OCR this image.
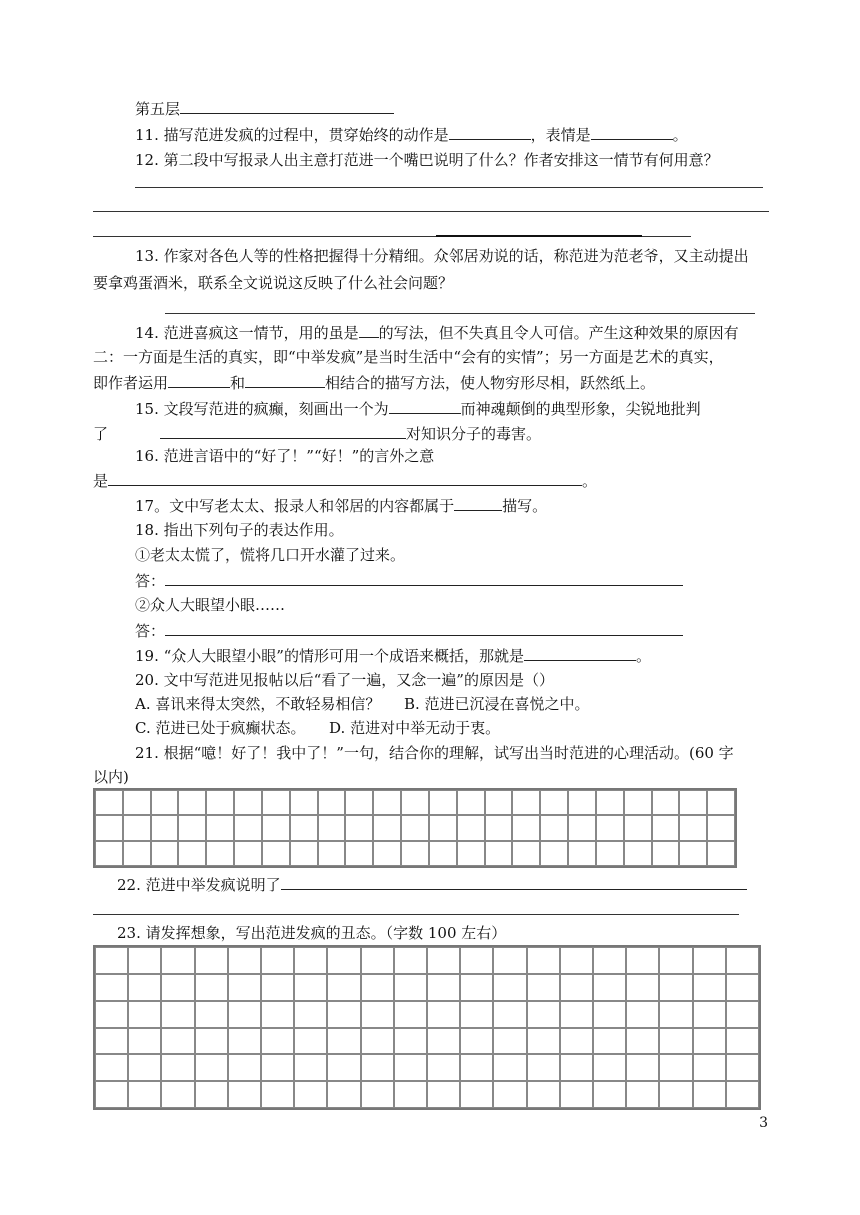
第五层
11. 描写范进发疯的过程中，贯穿始终的动作是	，表情是	。
12. 第二段中写报录人出主意打范进一个嘴巴说明了什么？作者安排这一情节有何用意？
13. 作家对各色人等的性格把握得十分精细。众邻居劝说的话，称范进为范老爷，又主动提出
要拿鸡蛋酒米，联系全文说说这反映了什么社会问题？
14. 范进喜疯这一情节，用的虽是 的写法，但不失真且令人可信。产生这种效果的原因有
二：一方面是生活的真实，即“中举发疯”是当时生活中“会有的实情”；另一方面是艺术的真实，
即作者运用	和	相结合的描写方法，使人物穷形尽相，跃然纸上。
15. 文段写范进的疯癫，刻画出一个为	而神魂颠倒的典型形象，尖锐地批判
了	对知识分子的毒害。
16. 范进言语中的“好了！”“好！”的言外之意
是	。
17。文中写老太太、报录人和邻居的内容都属于	描写。
18. 指出下列句子的表达作用。
①老太太慌了，慌将几口开水灌了过来。
答：
②众人大眼望小眼……
答：
19. “众人大眼望小眼”的情形可用一个成语来概括，那就是	。
20. 文中写范进见报帖以后“看了一遍，又念一遍”的原因是（）
A. 喜讯来得太突然，不敢轻易相信？ B. 范进已沉浸在喜悦之中。
C. 范进已处于疯癫状态。 D. 范进对中举无动于衷。
21. 根据“噫！好了！我中了！”一句，结合你的理解，试写出当时范进的心理活动。(60 字
以内)
22. 范进中举发疯说明了
23. 请发挥想象，写出范进发疯的丑态。（字数 100 左右）
3
